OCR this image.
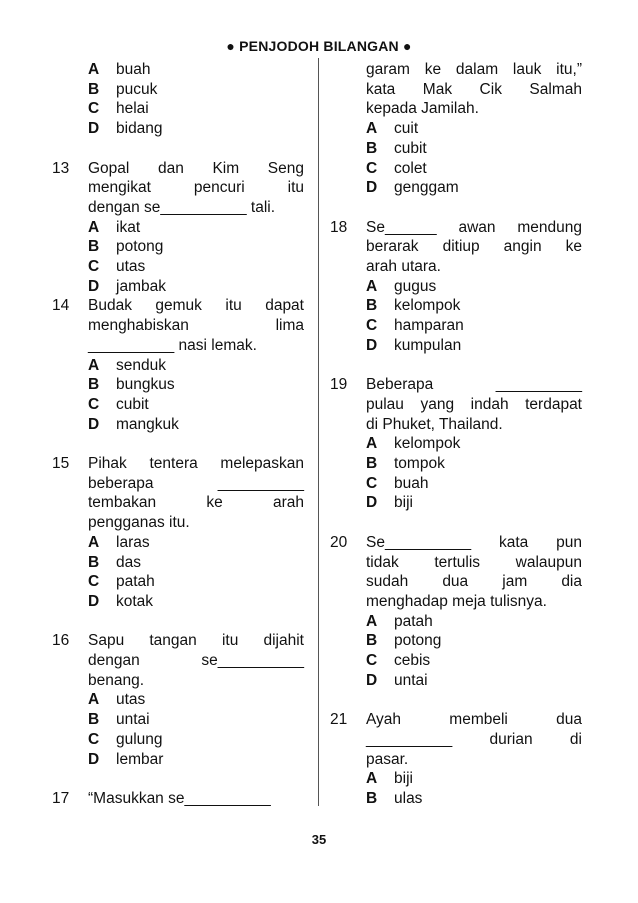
● PENJODOH BILANGAN ●
A	buah
B	pucuk
C	helai
D	bidang
13	Gopal dan Kim Seng
mengikat pencuri itu
dengan se__________ tali.
A	ikat
B	potong
C	utas
D	jambak
14	Budak gemuk itu dapat
menghabiskan lima
__________ nasi lemak.
A	senduk
B	bungkus
C	cubit
D	mangkuk
15	Pihak tentera melepaskan
beberapa __________
tembakan ke arah
pengganas itu.
A	laras
B	das
C	patah
D	kotak
16	Sapu tangan itu dijahit
dengan se__________
benang.
A	utas
B	untai
C	gulung
D	lembar
17	“Masukkan se__________
garam ke dalam lauk itu,”
kata Mak Cik Salmah
kepada Jamilah.
A	cuit
B	cubit
C	colet
D	genggam
18	Se______ awan mendung
berarak ditiup angin ke
arah utara.
A	gugus
B	kelompok
C	hamparan
D	kumpulan
19	Beberapa __________
pulau yang indah terdapat
di Phuket, Thailand.
A	kelompok
B	tompok
C	buah
D	biji
20	Se__________ kata pun
tidak tertulis walaupun
sudah dua jam dia
menghadap meja tulisnya.
A	patah
B	potong
C	cebis
D	untai
21	Ayah membeli dua
__________ durian di
pasar.
A	biji
B	ulas
35
